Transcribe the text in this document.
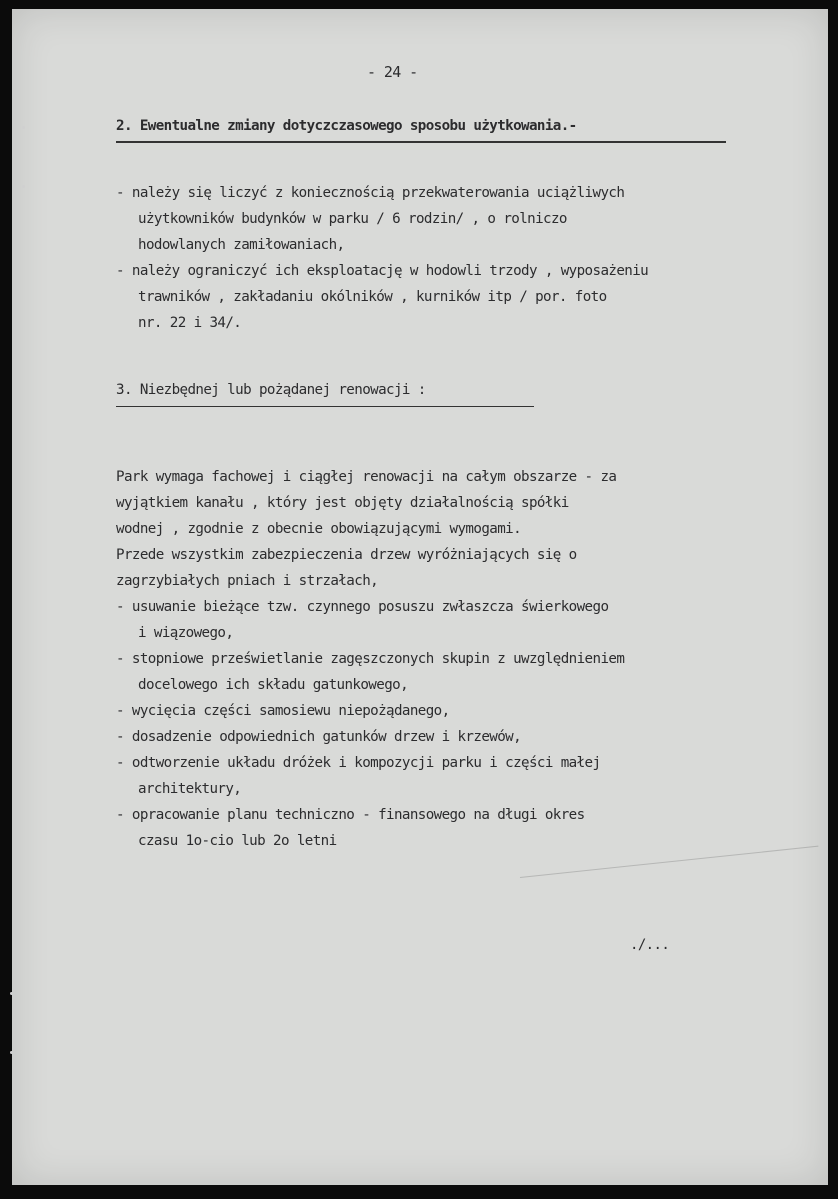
- 24 -
2. Ewentualne zmiany dotyczczasowego sposobu użytkowania.-
- należy się liczyć z koniecznością przekwaterowania uciążliwych
użytkowników budynków w parku / 6 rodzin/ , o rolniczo
hodowlanych zamiłowaniach,
- należy ograniczyć ich eksploatację w hodowli trzody , wyposażeniu
trawników , zakładaniu okólników , kurników itp / por. foto
nr. 22 i 34/.
3. Niezbędnej lub pożądanej renowacji :
Park wymaga fachowej i ciągłej renowacji na całym obszarze - za
wyjątkiem kanału , który jest objęty działalnością spółki
wodnej , zgodnie z obecnie obowiązującymi wymogami.
Przede wszystkim zabezpieczenia drzew wyróżniających się o
zagrzybiałych pniach i strzałach,
- usuwanie bieżące tzw. czynnego posuszu zwłaszcza świerkowego
i wiązowego,
- stopniowe prześwietlanie zagęszczonych skupin z uwzględnieniem
docelowego ich składu gatunkowego,
- wycięcia części samosiewu niepożądanego,
- dosadzenie odpowiednich gatunków drzew i krzewów,
- odtworzenie układu dróżek i kompozycji parku i części małej
architektury,
- opracowanie planu techniczno - finansowego na długi okres
czasu 1o-cio lub 2o letni
./...
